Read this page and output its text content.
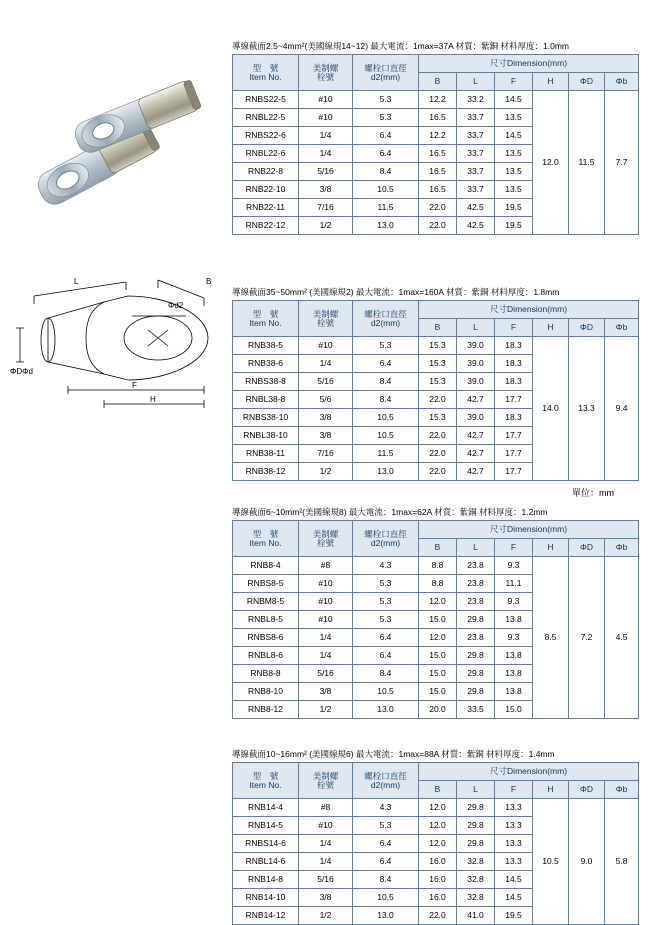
B
Φd2
L
F
H
ΦDΦd
導線截面2.5~4mm²(美國線規14~12) 最大電流：1max=37A 材質：紫銅 材料厚度：1.0mm
型　號
Item No.

美制螺
栓號

螺栓口直徑
d2(mm)
	尺寸Dimension(mm)
			B	L	F	H	ΦD	Φb
RNBS22-5	#10	5.3	12.2	33.2	14.5	12.0	11.5	7.7
RNBL22-5	#10	5.3	16.5	33.7	13.5			
RNBS22-6	1/4	6.4	12.2	33.7	14.5			
RNBL22-6	1/4	6.4	16.5	33.7	13.5			
RNB22-8	5/16	8.4	16.5	33.7	13.5			
RNB22-10	3/8	10.5	16.5	33.7	13.5			
RNB22-11	7/16	11.5	22.0	42.5	19.5			
RNB22-12	1/2	13.0	22.0	42.5	19.5			
導線截面35~50mm² (美國線規2) 最大電流：1max=160A 材質：紫銅 材料厚度：1.8mm
型　號
Item No.

美制螺
栓號

螺栓口直徑
d2(mm)
	尺寸Dimension(mm)
			B	L	F	H	ΦD	Φb
RNB38-5	#10	5.3	15.3	39.0	18.3	14.0	13.3	9.4
RNB38-6	1/4	6.4	15.3	39.0	18.3			
RNBS38-8	5/16	8.4	15.3	39.0	18.3			
RNBL38-8	5/6	8.4	22.0	42.7	17.7			
RNBS38-10	3/8	10.5	15.3	39.0	18.3			
RNBL38-10	3/8	10.5	22.0	42.7	17.7			
RNB38-11	7/16	11.5	22.0	42.7	17.7			
RNB38-12	1/2	13.0	22.0	42.7	17.7			
單位：mm
導線截面6~10mm²(美國線規8) 最大電流：1max=62A 材質：紫銅 材料厚度：1.2mm
型　號
Item No.

美制螺
栓號

螺栓口直徑
d2(mm)
	尺寸Dimension(mm)
			B	L	F	H	ΦD	Φb
RNB8-4	#8	4.3	8.8	23.8	9.3	8.5	7.2	4.5
RNBS8-5	#10	5.3	8.8	23.8	11.1			
RNBM8-5	#10	5.3	12.0	23.8	9.3			
RNBL8-5	#10	5.3	15.0	29.8	13.8			
RNBS8-6	1/4	6.4	12.0	23.8	9.3			
RNBL8-6	1/4	6.4	15.0	29.8	13.8			
RNB8-8	5/16	8.4	15.0	29.8	13.8			
RNB8-10	3/8	10.5	15.0	29.8	13.8			
RNB8-12	1/2	13.0	20.0	33.5	15.0			
導線截面10~16mm² (美國線規6) 最大電流：1max=88A 材質：紫銅 材料厚度：1.4mm
型　號
Item No.

美制螺
栓號

螺栓口直徑
d2(mm)
	尺寸Dimension(mm)
			B	L	F	H	ΦD	Φb
RNB14-4	#8	4.3	12.0	29.8	13.3	10.5	9.0	5.8
RNB14-5	#10	5.3	12.0	29.8	13.3			
RNBS14-6	1/4	6.4	12.0	29.8	13.3			
RNBL14-6	1/4	6.4	16.0	32.8	13.3			
RNB14-8	5/16	8.4	16.0	32.8	14.5			
RNB14-10	3/8	10.5	16.0	32.8	14.5			
RNB14-12	1/2	13.0	22.0	41.0	19.5			
